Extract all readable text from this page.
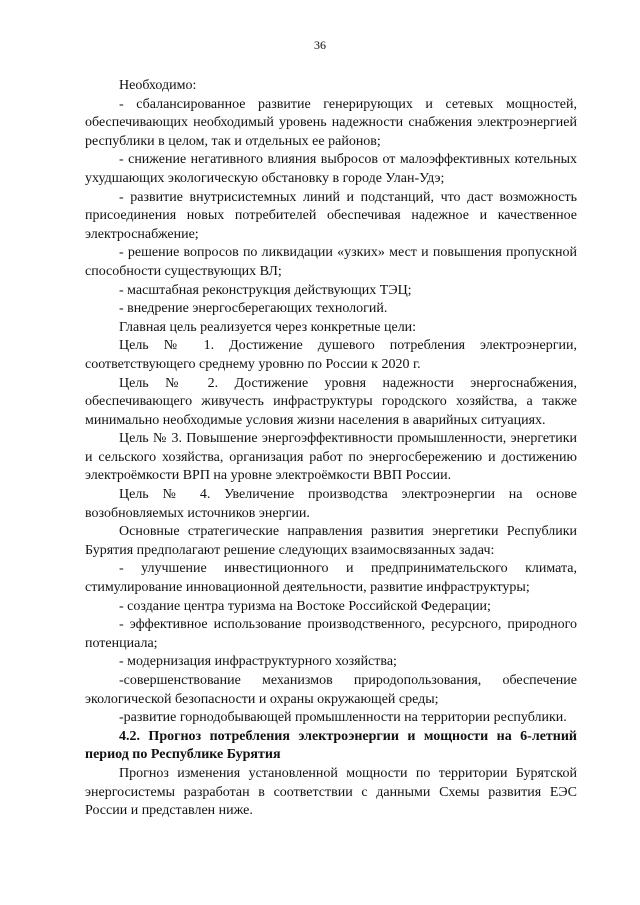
36

Необходимо:

- сбалансированное развитие генерирующих и сетевых мощностей, обеспечивающих необходимый уровень надежности снабжения электроэнергией республики в целом, так и отдельных ее районов;

- снижение негативного влияния выбросов от малоэффективных котельных ухудшающих экологическую обстановку в городе Улан-Удэ;

- развитие внутрисистемных линий и подстанций, что даст возможность присоединения новых потребителей обеспечивая надежное и качественное электроснабжение;

- решение вопросов по ликвидации «узких» мест и повышения пропускной способности существующих ВЛ;

- масштабная реконструкция действующих ТЭЦ;

- внедрение энергосберегающих технологий.

Главная цель реализуется через конкретные цели:

Цель № 1. Достижение душевого потребления электроэнергии, соответствующего среднему уровню по России к 2020 г.

Цель № 2. Достижение уровня надежности энергоснабжения, обеспечивающего живучесть инфраструктуры городского хозяйства, а также минимально необходимые условия жизни населения в аварийных ситуациях.

Цель № 3. Повышение энергоэффективности промышленности, энергетики и сельского хозяйства, организация работ по энергосбережению и достижению электроёмкости ВРП на уровне электроёмкости ВВП России.

Цель № 4. Увеличение производства электроэнергии на основе возобновляемых источников энергии.

Основные стратегические направления развития энергетики Республики Бурятия предполагают решение следующих взаимосвязанных задач:

- улучшение инвестиционного и предпринимательского климата, стимулирование инновационной деятельности, развитие инфраструктуры;

- создание центра туризма на Востоке Российской Федерации;

- эффективное использование производственного, ресурсного, природного потенциала;

- модернизация инфраструктурного хозяйства;

-совершенствование механизмов природопользования, обеспечение экологической безопасности и охраны окружающей среды;

-развитие горнодобывающей промышленности на территории республики.

4.2. Прогноз потребления электроэнергии и мощности на 6-летний период по Республике Бурятия

Прогноз изменения установленной мощности по территории Бурятской энергосистемы разработан в соответствии с данными Схемы развития ЕЭС России и представлен ниже.
